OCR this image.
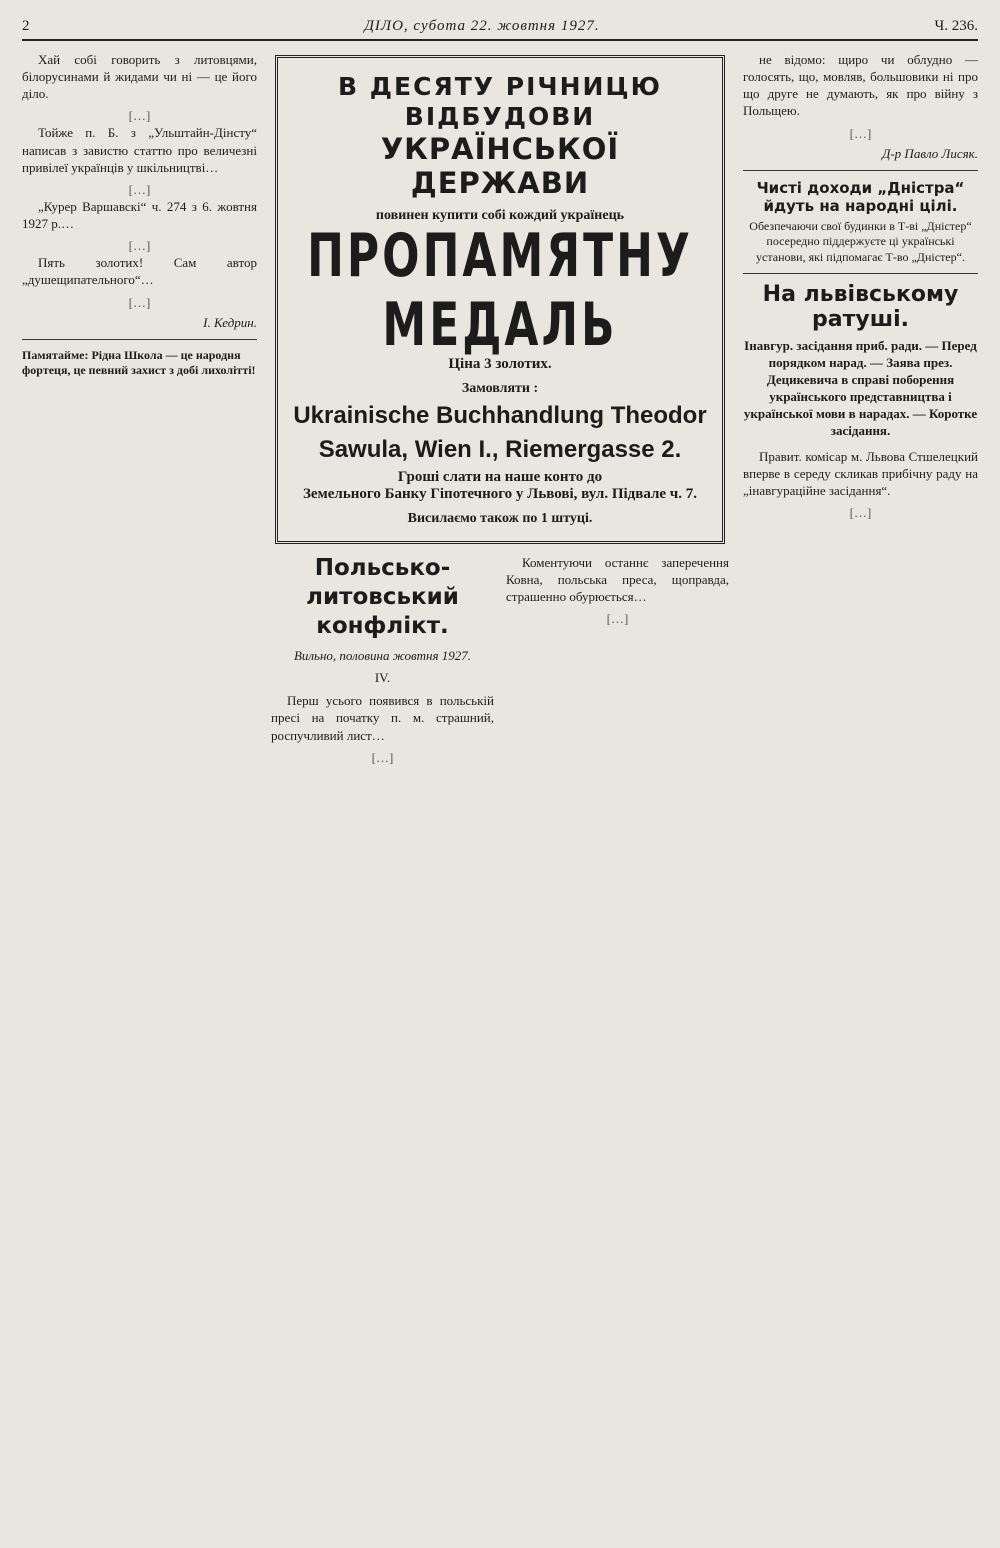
2	ДІЛО, субота 22. жовтня 1927.	Ч. 236.

Хай собі говорить з литовцями, білорусинами й жидами чи ні — це його діло.

[…]

Тойже п. Б. з „Ульштайн-Дінсту“ написав з завистю статтю про величезні привілеї українців у шкільництві…

[…]

„Курер Варшавскі“ ч. 274 з 6. жовтня 1927 р.…

[…]

Пять золотих! Сам автор „душещипательного“…

[…]
І. Кедрин.
Памятайме: Рідна Школа — це народня фортеця, це певний захист з добі лихолітті!
В ДЕСЯТУ РІЧНИЦЮ ВІДБУДОВИ
УКРАЇНСЬКОЇ ДЕРЖАВИ
повинен купити собі кождий українець
ПРОПАМЯТНУ МЕДАЛЬ
Ціна 3 золотих.
Замовляти :
Ukrainische Buchhandlung Theodor
Sawula, Wien I., Riemergasse 2.
Гроші слати на наше конто до
Земельного Банку Гіпотечного у Львові, вул. Підвале ч. 7.
Висилаємо також по 1 штуці.
Польсько-литовський конфлікт.
Вильно, половина жовтня 1927.
IV.

Перш усього появився в польській пресі на початку п. м. страшний, роспучливий лист…

[…]

Коментуючи останнє заперечення Ковна, польська преса, щоправда, страшенно обурюється…

[…]

не відомо: щиро чи облудно — голосять, що, мовляв, большовики ні про що друге не думають, як про війну з Польщею.

[…]
Д-р Павло Лисяк.
Чисті доходи „Дністра“ йдуть на народні цілі.
Обезпечаючи свої будинки в Т-ві „Дністер“ посередно піддержуєте ці українські установи, які підпомагає Т-во „Дністер“.
На львівському ратуші.
Інавгур. засідання приб. ради. — Перед порядком нарад. — Заява през. Децикевича в справі поборення українського представництва і української мови в нарадах. — Коротке засідання.

Правит. комісар м. Львова Стшелецкий вперве в середу скликав прибічну раду на „інавгураційне засідання“.

[…]
